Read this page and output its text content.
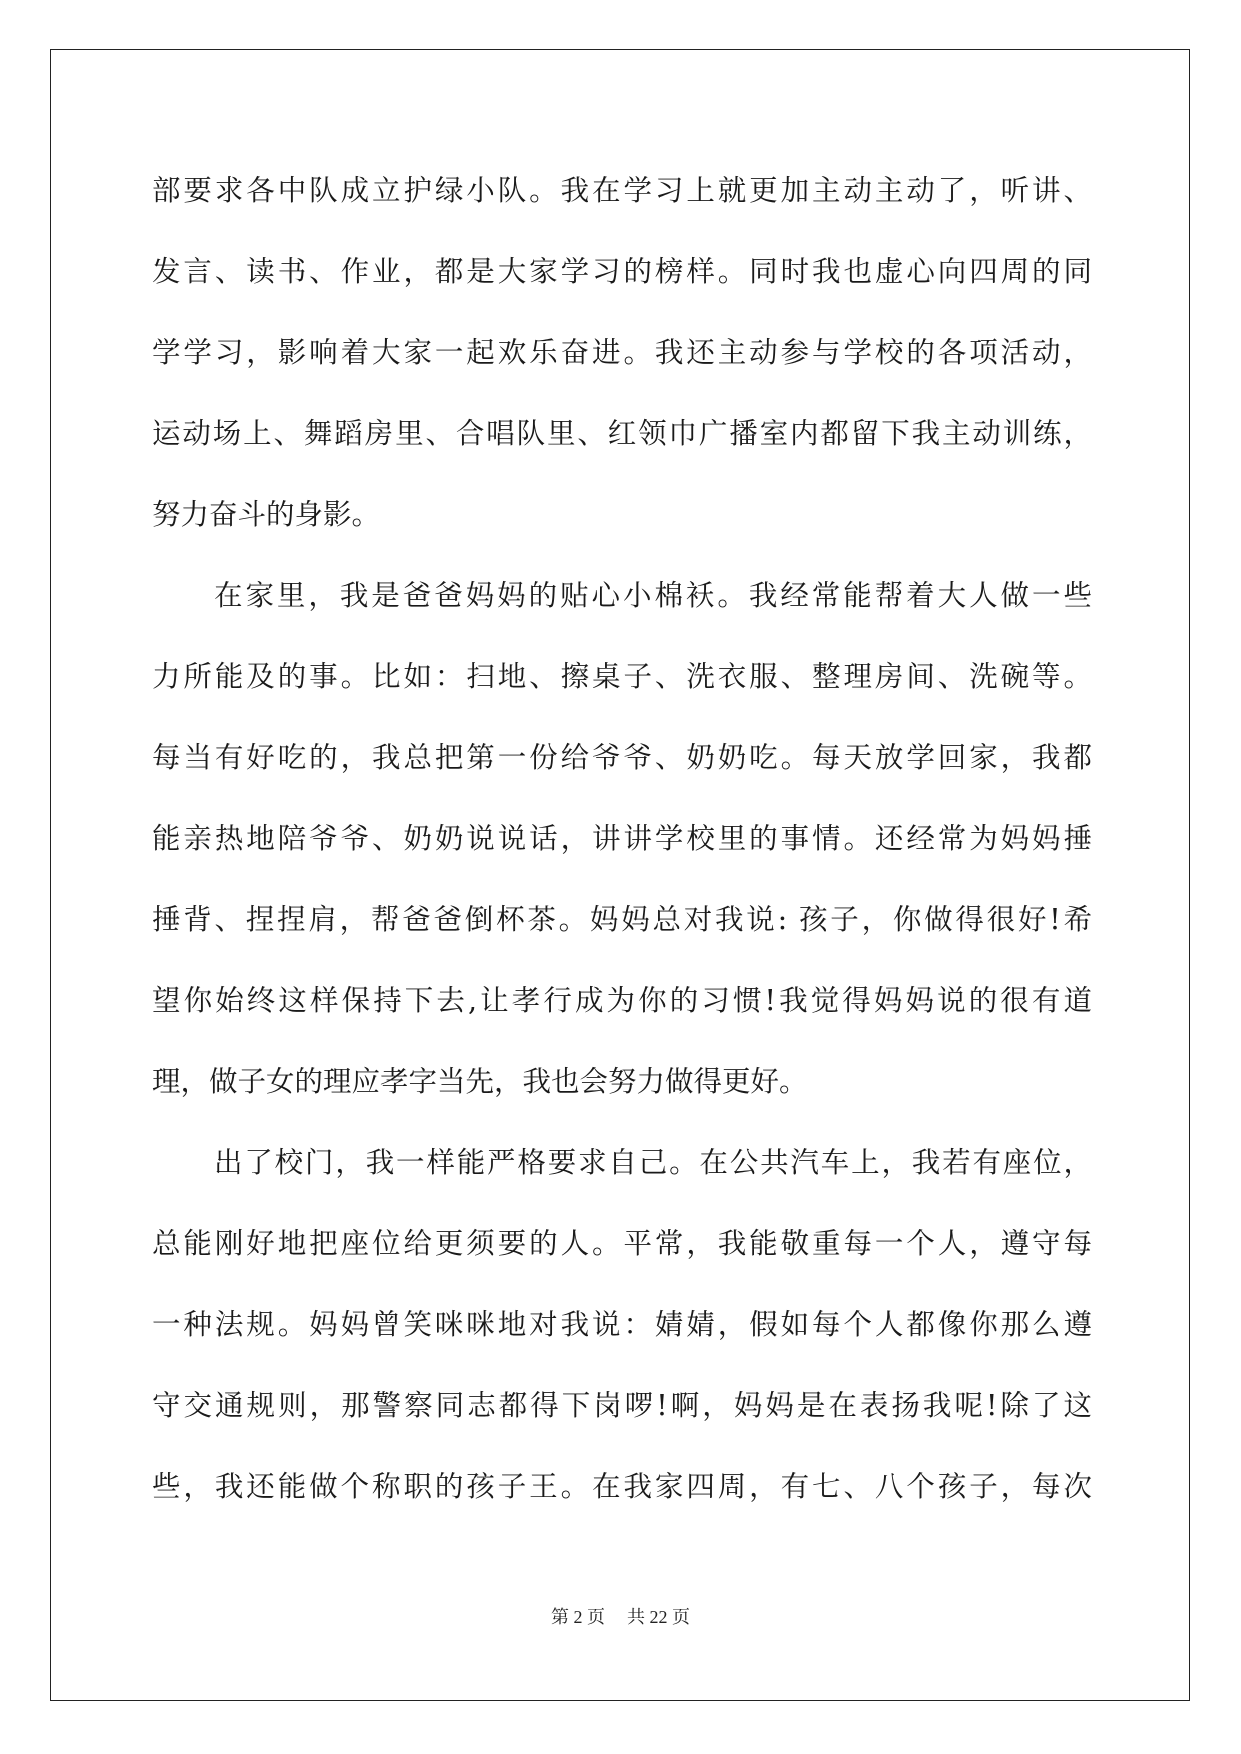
部要求各中队成立护绿小队。我在学习上就更加主动主动了，听讲、
发言、读书、作业，都是大家学习的榜样。同时我也虚心向四周的同
学学习，影响着大家一起欢乐奋进。我还主动参与学校的各项活动，
运动场上、舞蹈房里、合唱队里、红领巾广播室内都留下我主动训练，
努力奋斗的身影。
在家里，我是爸爸妈妈的贴心小棉袄。我经常能帮着大人做一些
力所能及的事。比如：扫地、擦桌子、洗衣服、整理房间、洗碗等。
每当有好吃的，我总把第一份给爷爷、奶奶吃。每天放学回家，我都
能亲热地陪爷爷、奶奶说说话，讲讲学校里的事情。还经常为妈妈捶
捶背、捏捏肩，帮爸爸倒杯茶。妈妈总对我说: 孩子，你做得很好!希
望你始终这样保持下去,让孝行成为你的习惯!我觉得妈妈说的很有道
理，做子女的理应孝字当先，我也会努力做得更好。
出了校门，我一样能严格要求自己。在公共汽车上，我若有座位，
总能刚好地把座位给更须要的人。平常，我能敬重每一个人，遵守每
一种法规。妈妈曾笑咪咪地对我说：婧婧，假如每个人都像你那么遵
守交通规则，那警察同志都得下岗啰!啊，妈妈是在表扬我呢!除了这
些，我还能做个称职的孩子王。在我家四周，有七、八个孩子，每次
第 2 页 共 22 页
